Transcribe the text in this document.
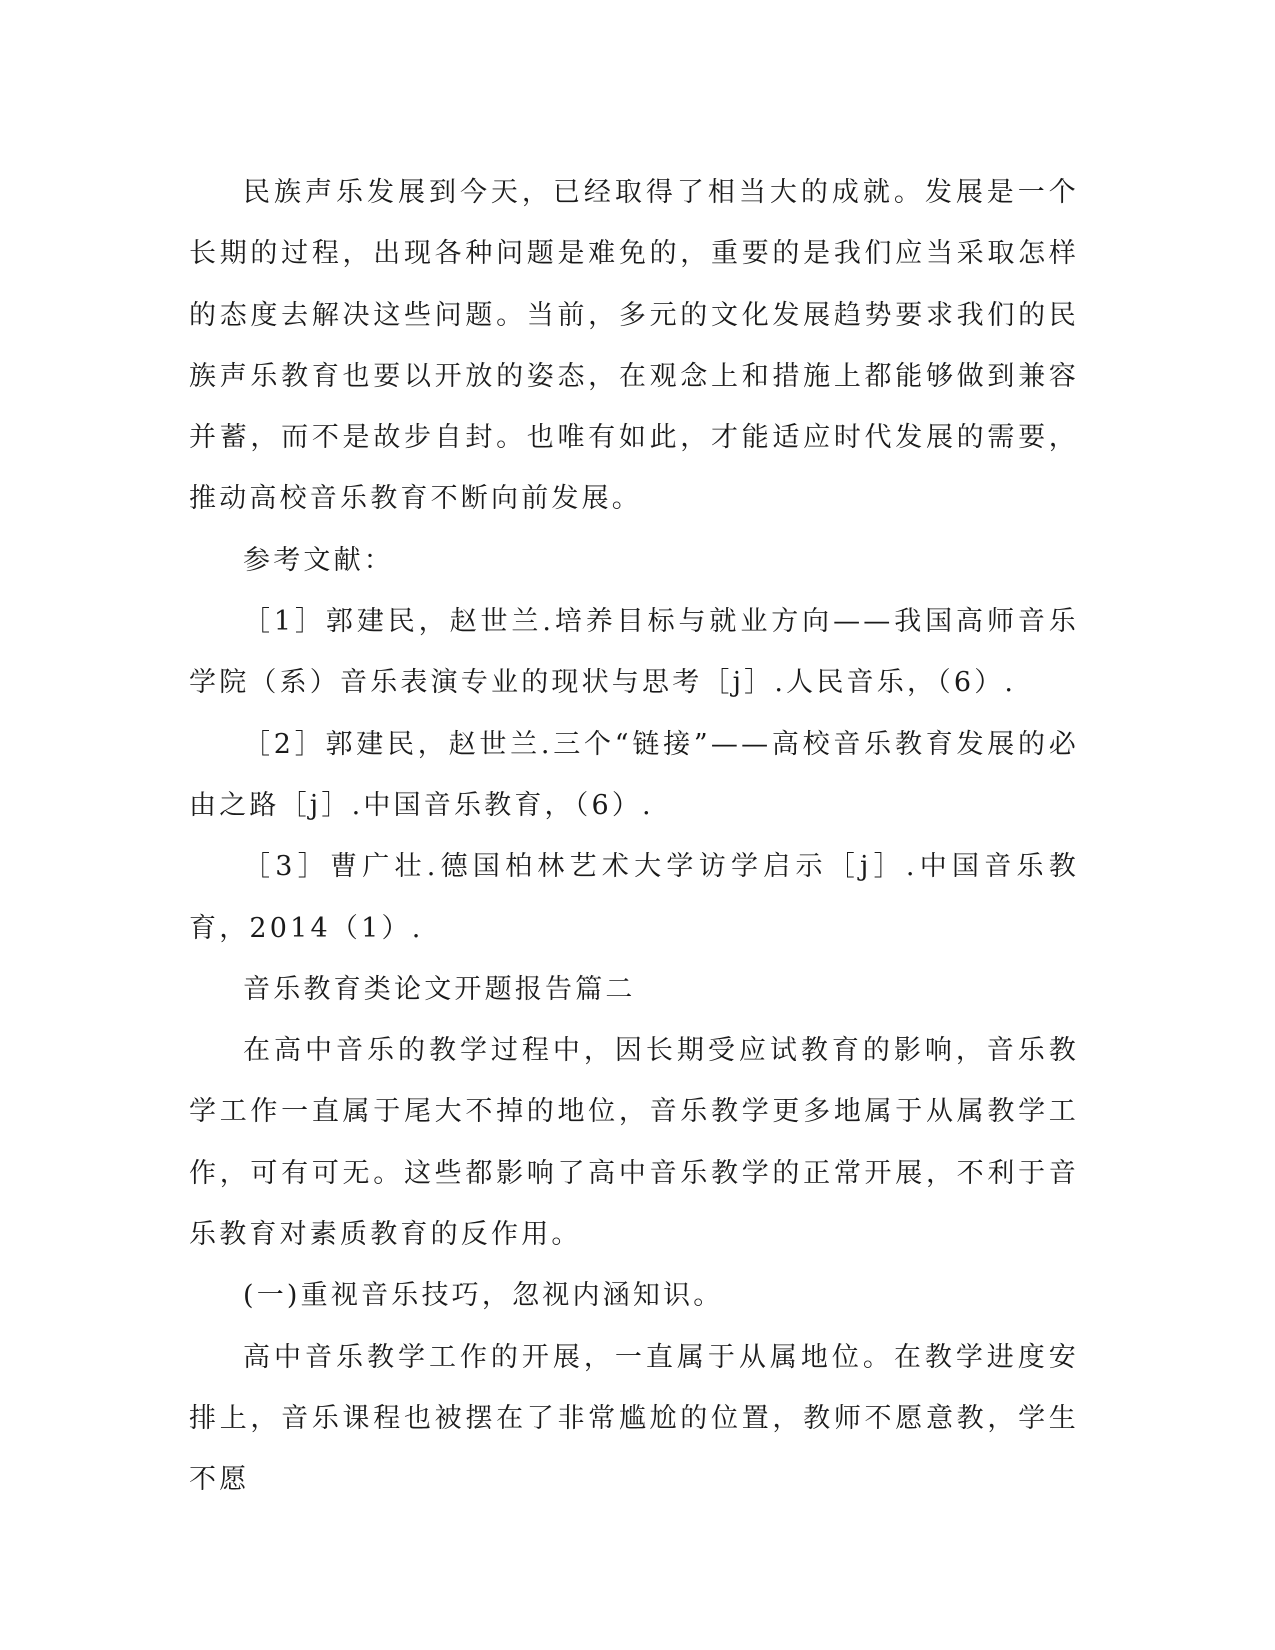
民族声乐发展到今天，已经取得了相当大的成就。发展是一个长期的过程，出现各种问题是难免的，重要的是我们应当采取怎样的态度去解决这些问题。当前，多元的文化发展趋势要求我们的民族声乐教育也要以开放的姿态，在观念上和措施上都能够做到兼容并蓄，而不是故步自封。也唯有如此，才能适应时代发展的需要，推动高校音乐教育不断向前发展。

参考文献：

［1］郭建民，赵世兰.培养目标与就业方向——我国高师音乐学院（系）音乐表演专业的现状与思考［j］.人民音乐，（6）.

［2］郭建民，赵世兰.三个“链接”——高校音乐教育发展的必由之路［j］.中国音乐教育，（6）.

［3］曹广壮.德国柏林艺术大学访学启示［j］.中国音乐教育，2014（1）.

音乐教育类论文开题报告篇二

在高中音乐的教学过程中，因长期受应试教育的影响，音乐教学工作一直属于尾大不掉的地位，音乐教学更多地属于从属教学工作，可有可无。这些都影响了高中音乐教学的正常开展，不利于音乐教育对素质教育的反作用。

(一)重视音乐技巧，忽视内涵知识。

高中音乐教学工作的开展，一直属于从属地位。在教学进度安排上，音乐课程也被摆在了非常尴尬的位置，教师不愿意教，学生不愿
